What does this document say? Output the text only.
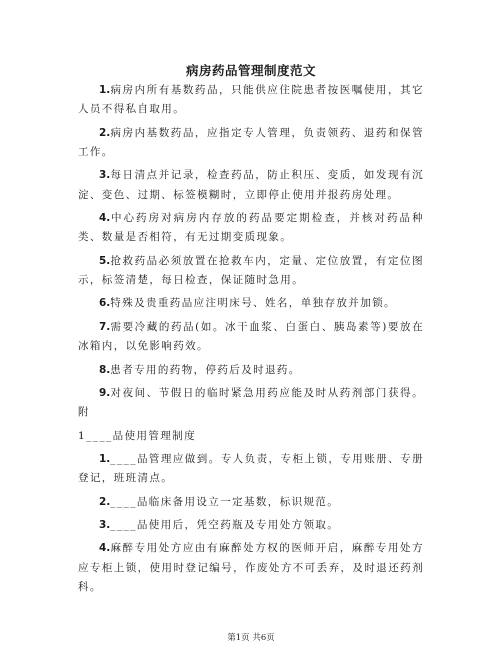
病房药品管理制度范文

1.病房内所有基数药品，只能供应住院患者按医嘱使用，其它人员不得私自取用。

2.病房内基数药品，应指定专人管理，负责领药、退药和保管工作。

3.每日清点并记录，检查药品，防止积压、变质，如发现有沉淀、变色、过期、标签模糊时，立即停止使用并报药房处理。

4.中心药房对病房内存放的药品要定期检查，并核对药品种类、数量是否相符，有无过期变质现象。

5.抢救药品必须放置在抢救车内，定量、定位放置，有定位图示，标签清楚，每日检查，保证随时急用。

6.特殊及贵重药品应注明床号、姓名，单独存放并加锁。

7.需要冷藏的药品(如。冰干血浆、白蛋白、胰岛素等)要放在冰箱内，以免影响药效。

8.患者专用的药物，停药后及时退药。

9.对夜间、节假日的临时紧急用药应能及时从药剂部门获得。附

1____品使用管理制度

1.____品管理应做到。专人负责，专柜上锁，专用账册、专册登记，班班清点。

2.____品临床备用设立一定基数，标识规范。

3.____品使用后，凭空药瓶及专用处方领取。

4.麻醉专用处方应由有麻醉处方权的医师开启，麻醉专用处方应专柜上锁，使用时登记编号，作废处方不可丢弃，及时退还药剂科。

第1页 共6页
